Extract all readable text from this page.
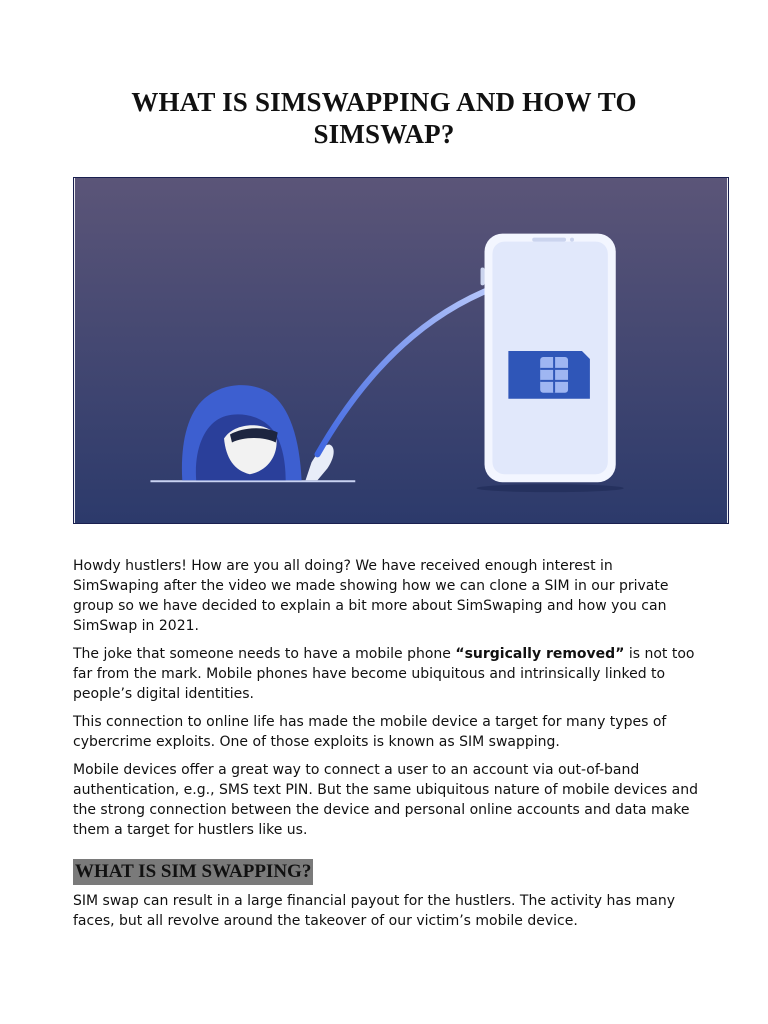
WHAT IS SIMSWAPPING AND HOW TO
SIMSWAP?

Howdy hustlers! How are you all doing? We have received enough interest in SimSwaping after the video we made showing how we can clone a SIM in our private group so we have decided to explain a bit more about SimSwaping and how you can SimSwap in 2021.

The joke that someone needs to have a mobile phone “surgically removed” is not too far from the mark. Mobile phones have become ubiquitous and intrinsically linked to people’s digital identities.

This connection to online life has made the mobile device a target for many types of cybercrime exploits. One of those exploits is known as SIM swapping.

Mobile devices offer a great way to connect a user to an account via out-of-band authentication, e.g., SMS text PIN. But the same ubiquitous nature of mobile devices and the strong connection between the device and personal online accounts and data make them a target for hustlers like us.

WHAT IS SIM SWAPPING?

SIM swap can result in a large financial payout for the hustlers. The activity has many faces, but all revolve around the takeover of our victim’s mobile device.
